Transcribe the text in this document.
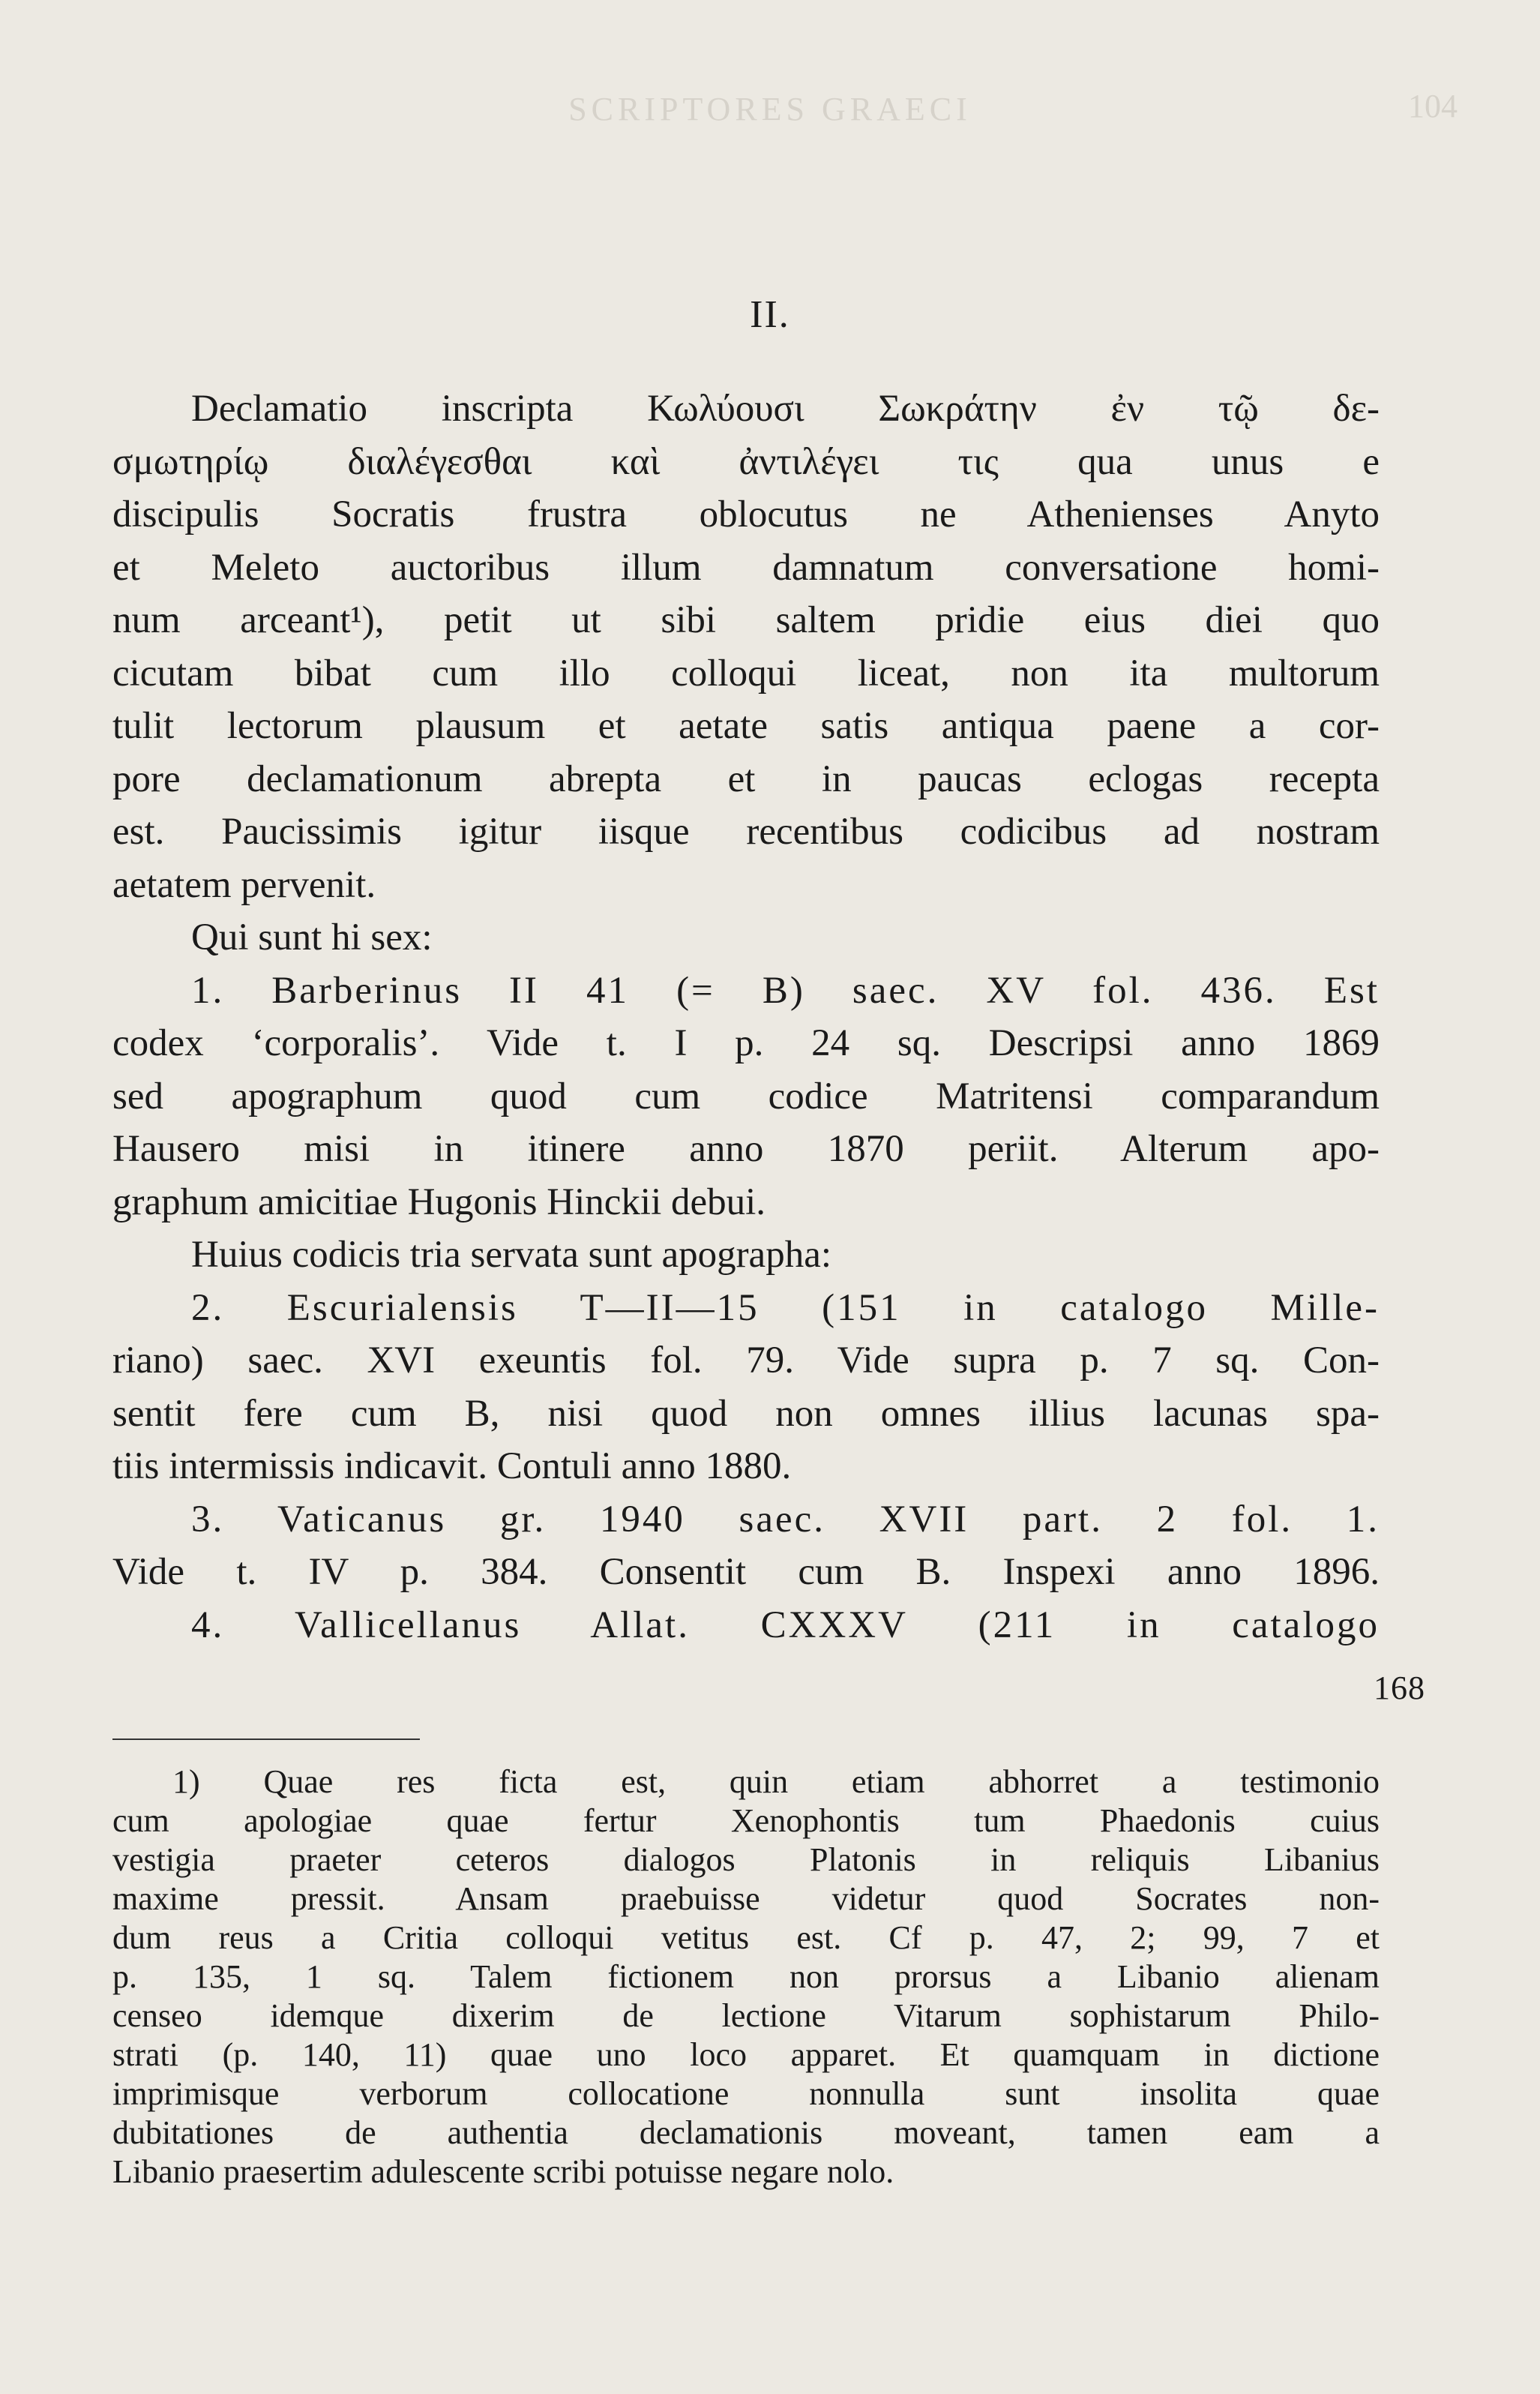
SCRIPTORES GRAECI	104
II.
Declamatio inscripta Κωλύουσι Σωκράτην ἐν τῷ δε-
σμωτηρίῳ διαλέγεσθαι καὶ ἀντιλέγει τις qua unus e
discipulis Socratis frustra oblocutus ne Athenienses Anyto
et Meleto auctoribus illum damnatum conversatione homi-
num arceant¹), petit ut sibi saltem pridie eius diei quo
cicutam bibat cum illo colloqui liceat, non ita multorum
tulit lectorum plausum et aetate satis antiqua paene a cor-
pore declamationum abrepta et in paucas eclogas recepta
est. Paucissimis igitur iisque recentibus codicibus ad nostram
aetatem pervenit.
Qui sunt hi sex:
1. Barberinus II 41 (= B) saec. XV fol. 436. Est
codex ‘corporalis’. Vide t. I p. 24 sq. Descripsi anno 1869
sed apographum quod cum codice Matritensi comparandum
Hausero misi in itinere anno 1870 periit. Alterum apo-
graphum amicitiae Hugonis Hinckii debui.
Huius codicis tria servata sunt apographa:
2. Escurialensis T—II—15 (151 in catalogo Mille-
riano) saec. XVI exeuntis fol. 79. Vide supra p. 7 sq. Con-
sentit fere cum B, nisi quod non omnes illius lacunas spa-
tiis intermissis indicavit. Contuli anno 1880.
3. Vaticanus gr. 1940 saec. XVII part. 2 fol. 1.
Vide t. IV p. 384. Consentit cum B. Inspexi anno 1896.
4. Vallicellanus Allat. CXXXV (211 in catalogo
168
1) Quae res ficta est, quin etiam abhorret a testimonio
cum apologiae quae fertur Xenophontis tum Phaedonis cuius
vestigia praeter ceteros dialogos Platonis in reliquis Libanius
maxime pressit. Ansam praebuisse videtur quod Socrates non-
dum reus a Critia colloqui vetitus est. Cf p. 47, 2; 99, 7 et
p. 135, 1 sq. Talem fictionem non prorsus a Libanio alienam
censeo idemque dixerim de lectione Vitarum sophistarum Philo-
strati (p. 140, 11) quae uno loco apparet. Et quamquam in dictione
imprimisque verborum collocatione nonnulla sunt insolita quae
dubitationes de authentia declamationis moveant, tamen eam a
Libanio praesertim adulescente scribi potuisse negare nolo.
